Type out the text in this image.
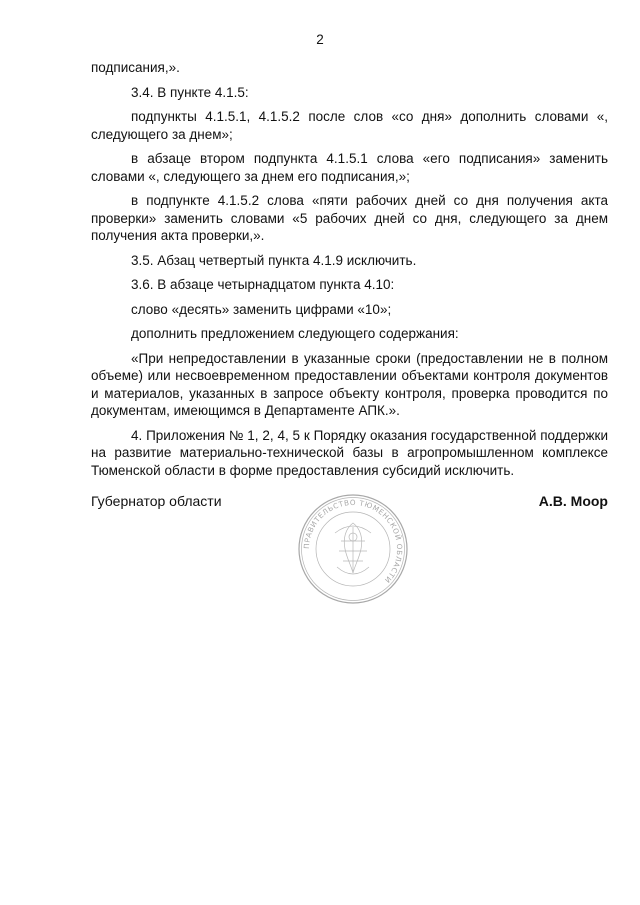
2

подписания,».

3.4. В пункте 4.1.5:

подпункты 4.1.5.1, 4.1.5.2 после слов «со дня» дополнить словами «, следующего за днем»;

в абзаце втором подпункта 4.1.5.1 слова «его подписания» заменить словами «, следующего за днем его подписания,»;

в подпункте 4.1.5.2 слова «пяти рабочих дней со дня получения акта проверки» заменить словами «5 рабочих дней со дня, следующего за днем получения акта проверки,».

3.5. Абзац четвертый пункта 4.1.9 исключить.

3.6. В абзаце четырнадцатом пункта 4.10:

слово «десять» заменить цифрами «10»;

дополнить предложением следующего содержания:

«При непредоставлении в указанные сроки (предоставлении не в полном объеме) или несвоевременном предоставлении объектами контроля документов и материалов, указанных в запросе объекту контроля, проверка проводится по документам, имеющимся в Департаменте АПК.».

4. Приложения № 1, 2, 4, 5 к Порядку оказания государственной поддержки на развитие материально-технической базы в агропромышленном комплексе Тюменской области в форме предоставления субсидий исключить.

Губернатор области	А.В. Моор
ПРАВИТЕЛЬСТВО ТЮМЕНСКОЙ ОБЛАСТИ
